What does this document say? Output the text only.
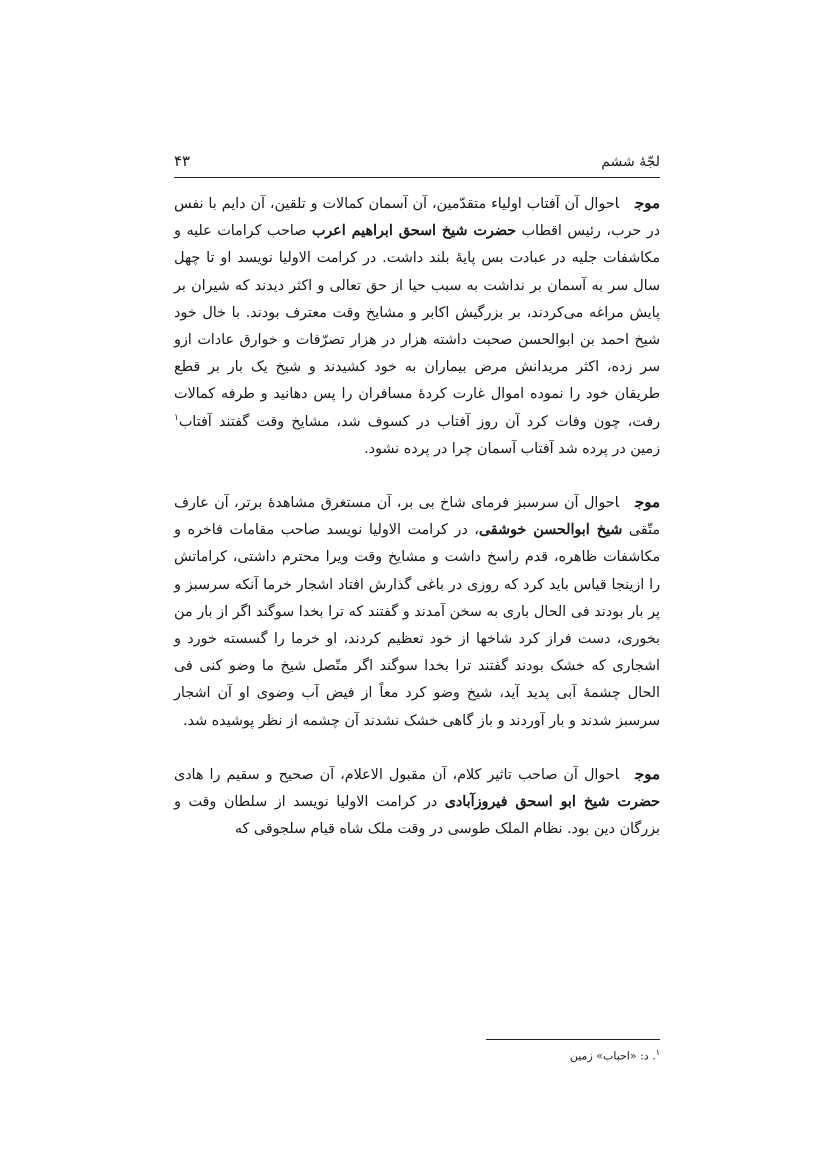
لجّهٔ ششم
۴۳

موجاحوال آن آفتاب اولیاء متقدّمین، آن آسمان کمالات و تلقین، آن دایم با نفس در حرب، رئیس اقطاب حضرت شیخ اسحق ابراهیم اعرب صاحب کرامات علیه و مکاشفات جلیه در عبادت بس پایهٔ بلند داشت. در کرامت الاولیا نویسد او تا چهل سال سر به آسمان بر نداشت به سبب حیا از حق تعالی و اکثر دیدند که شیران بر پایش مراغه می‌کردند، بر بزرگیش اکابر و مشایخ وقت معترف بودند. با خال خود شیخ احمد بن ابوالحسن صحبت داشته هزار در هزار تصرّفات و خوارق عادات ازو سر زده، اکثر مریدانش مرض بیماران به خود کشیدند و شیخ یک بار بر قطع طریقان خود را نموده اموال غارت کردهٔ مسافران را پس دهانید و طرفه کمالات رفت، چون وفات کرد آن روز آفتاب در کسوف شد، مشایخ وقت گفتند آفتاب$^۱$ زمین در پرده شد آفتاب آسمان چرا در پرده نشود.

موجاحوال آن سرسبز فرمای شاخ بی بر، آن مستغرق مشاهدهٔ برتر، آن عارف متّقی شیخ ابوالحسن خوشقی، در کرامت الاولیا نویسد صاحب مقامات فاخره و مکاشفات ظاهره، قدم راسخ داشت و مشایخ وقت ویرا محترم داشتی، کراماتش را ازینجا قیاس باید کرد که روزی در باغی گذارش افتاد اشجار خرما آنکه سرسبز و پر بار بودند فی الحال باری به سخن آمدند و گفتند که ترا بخدا سوگند اگر از بار من بخوری، دست فراز کرد شاخها از خود تعظیم کردند، او خرما را گسسته خورد و اشجاری که خشک بودند گفتند ترا بخدا سوگند اگر متّصل شیخ ما وضو کنی فی الحال چشمهٔ آبی پدید آید، شیخ وضو کرد معاً از فیض آب وضوی او آن اشجار سرسبز شدند و بار آوردند و باز گاهی خشک نشدند آن چشمه از نظر پوشیده شد.

موجاحوال آن صاحب تاثیر کلام، آن مقبول الاعلام، آن صحیح و سقیم را هادی حضرت شیخ ابو اسحق فیروزآبادی در کرامت الاولیا نویسد از سلطان وقت و بزرگان دین بود. نظام الملک طوسی در وقت ملک شاه قیام سلجوقی که

$^۱$. د: «احباب» زمین
